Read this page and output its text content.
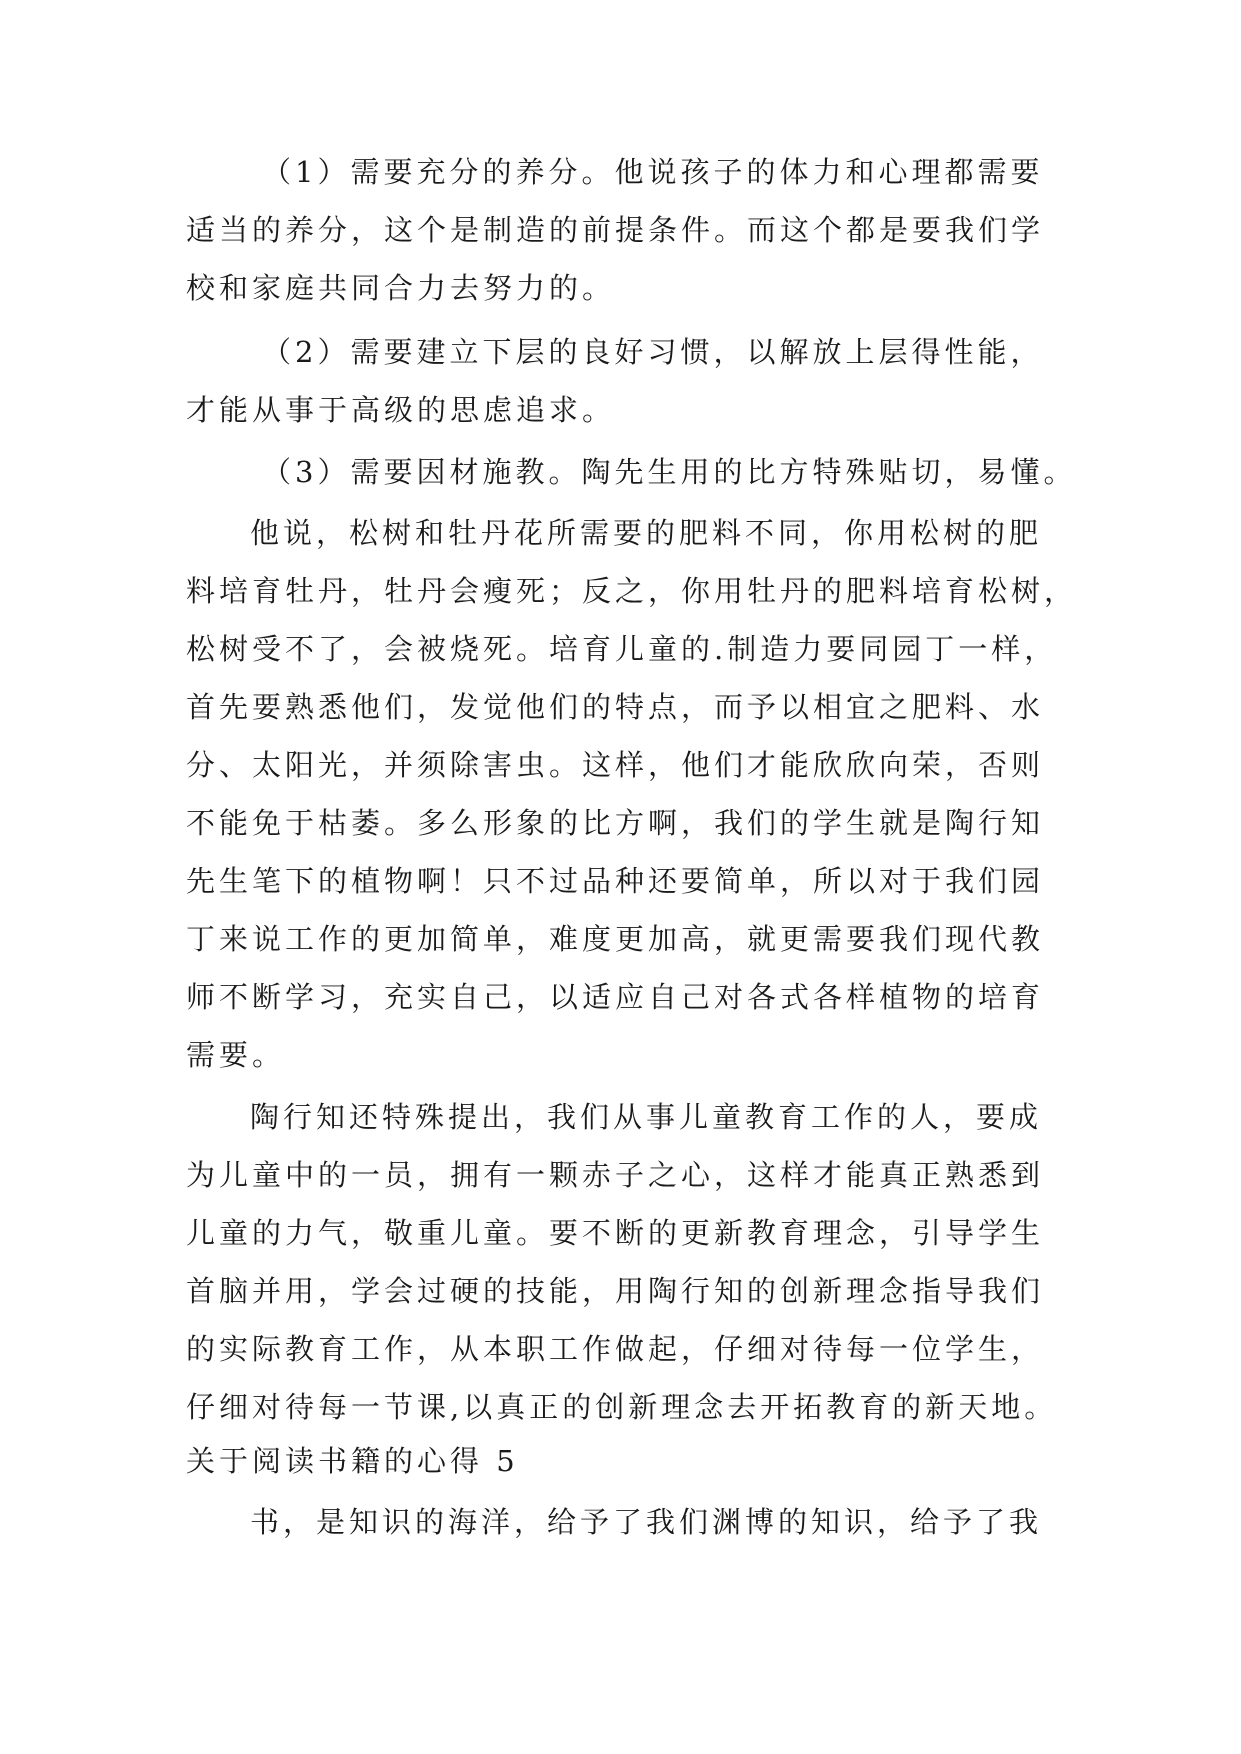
（1）需要充分的养分。他说孩子的体力和心理都需要
适当的养分，这个是制造的前提条件。而这个都是要我们学
校和家庭共同合力去努力的。
（2）需要建立下层的良好习惯，以解放上层得性能，
才能从事于高级的思虑追求。
（3）需要因材施教。陶先生用的比方特殊贴切，易懂。
他说，松树和牡丹花所需要的肥料不同，你用松树的肥
料培育牡丹，牡丹会瘦死；反之，你用牡丹的肥料培育松树，
松树受不了，会被烧死。培育儿童的.制造力要同园丁一样，
首先要熟悉他们，发觉他们的特点，而予以相宜之肥料、水
分、太阳光，并须除害虫。这样，他们才能欣欣向荣，否则
不能免于枯萎。多么形象的比方啊，我们的学生就是陶行知
先生笔下的植物啊！只不过品种还要简单，所以对于我们园
丁来说工作的更加简单，难度更加高，就更需要我们现代教
师不断学习，充实自己，以适应自己对各式各样植物的培育
需要。
陶行知还特殊提出，我们从事儿童教育工作的人，要成
为儿童中的一员，拥有一颗赤子之心，这样才能真正熟悉到
儿童的力气，敬重儿童。要不断的更新教育理念，引导学生
首脑并用，学会过硬的技能，用陶行知的创新理念指导我们
的实际教育工作，从本职工作做起，仔细对待每一位学生，
仔细对待每一节课,以真正的创新理念去开拓教育的新天地。
关于阅读书籍的心得 5
书，是知识的海洋，给予了我们渊博的知识，给予了我
